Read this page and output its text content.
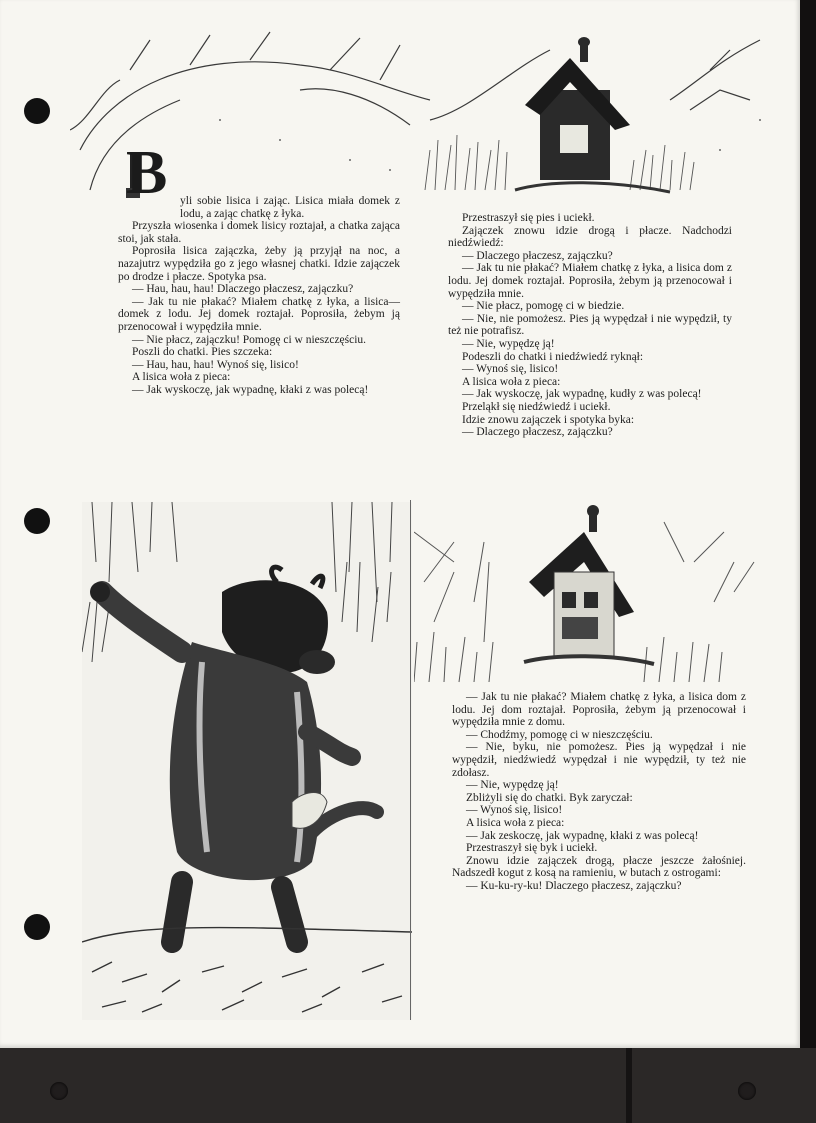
B	yli sobie lisica i zając. Lisica miała domek z lodu, a zając chatkę z łyka.

Przyszła wiosenka i domek lisicy roztajał, a chatka zająca stoi, jak stała.

Poprosiła lisica zajączka, żeby ją przyjął na noc, a nazajutrz wypędziła go z jego własnej chatki. Idzie zajączek po drodze i płacze. Spotyka psa.

— Hau, hau, hau! Dlaczego płaczesz, zajączku?

— Jak tu nie płakać? Miałem chatkę z łyka, a lisica—domek z lodu. Jej domek roztajał. Poprosiła, żebym ją przenocował i wypędziła mnie.

— Nie płacz, zajączku! Pomogę ci w nieszczęściu.

Poszli do chatki. Pies szczeka:

— Hau, hau, hau! Wynoś się, lisico!

A lisica woła z pieca:

— Jak wyskoczę, jak wypadnę, kłaki z was polecą!

Przestraszył się pies i uciekł.

Zajączek znowu idzie drogą i płacze. Nadchodzi niedźwiedź:

— Dlaczego płaczesz, zajączku?

— Jak tu nie płakać? Miałem chatkę z łyka, a lisica dom z lodu. Jej domek roztajał. Poprosiła, żebym ją przenocował i wypędziła mnie.

— Nie płacz, pomogę ci w biedzie.

— Nie, nie pomożesz. Pies ją wypędzał i nie wypędził, ty też nie potrafisz.

— Nie, wypędzę ją!

Podeszli do chatki i niedźwiedź ryknął:

— Wynoś się, lisico!

A lisica woła z pieca:

— Jak wyskoczę, jak wypadnę, kudły z was polecą!

Przeląkł się niedźwiedź i uciekł.

Idzie znowu zajączek i spotyka byka:

— Dlaczego płaczesz, zajączku?

— Jak tu nie płakać? Miałem chatkę z łyka, a lisica dom z lodu. Jej dom roztajał. Poprosiła, żebym ją przenocował i wypędziła mnie z domu.

— Chodźmy, pomogę ci w nieszczęściu.

— Nie, byku, nie pomożesz. Pies ją wypędzał i nie wypędził, niedźwiedź wypędzał i nie wypędził, ty też nie zdołasz.

— Nie, wypędzę ją!

Zbliżyli się do chatki. Byk zaryczał:

— Wynoś się, lisico!

A lisica woła z pieca:

— Jak zeskoczę, jak wypadnę, kłaki z was polecą!

Przestraszył się byk i uciekł.

Znowu idzie zajączek drogą, płacze jeszcze żałośniej. Nadszedł kogut z kosą na ramieniu, w butach z ostrogami:

— Ku-ku-ry-ku! Dlaczego płaczesz, zajączku?
